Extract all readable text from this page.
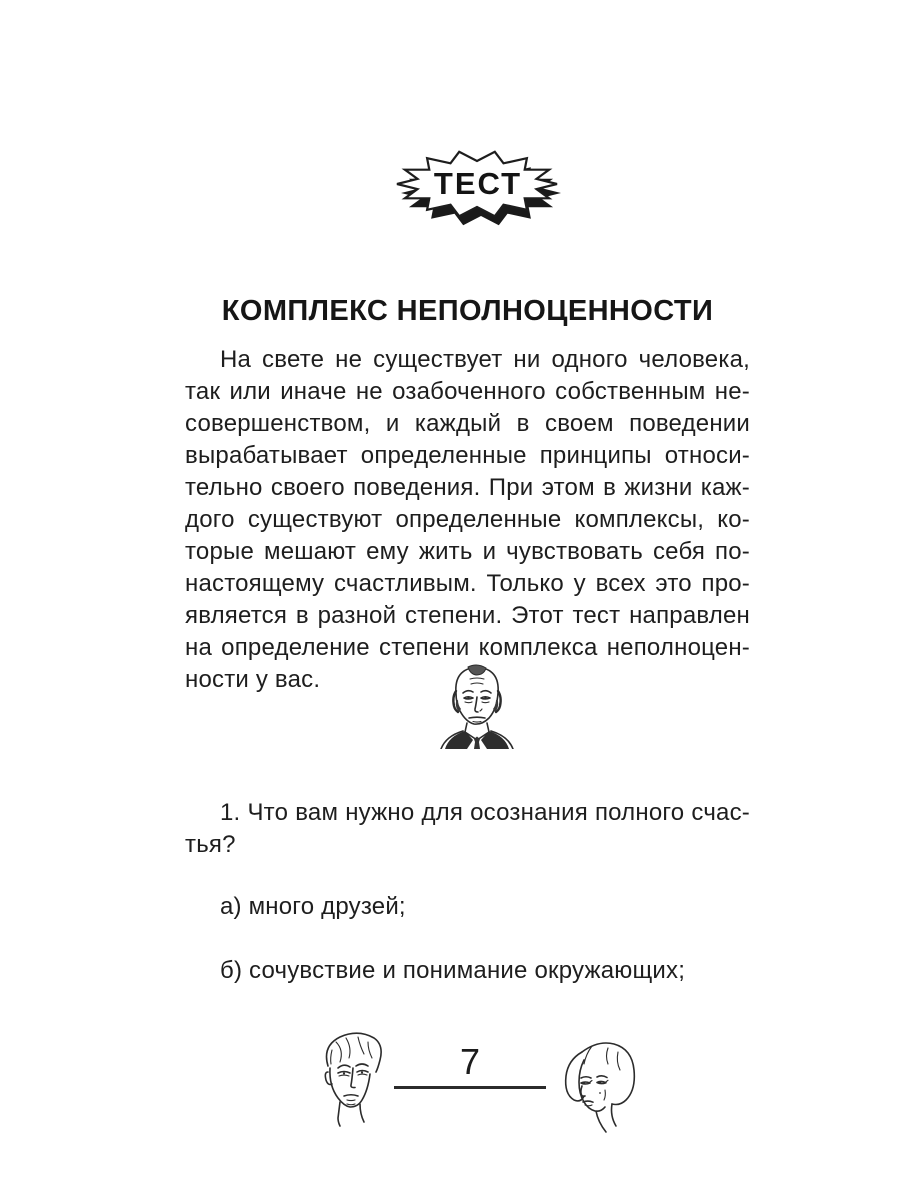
ТЕСТ
КОМПЛЕКС НЕПОЛНОЦЕННОСТИ
На свете не существует ни одного человека,
так или иначе не озабоченного собственным не-
совершенством, и каждый в своем поведении
вырабатывает определенные принципы относи-
тельно своего поведения. При этом в жизни каж-
дого существуют определенные комплексы, ко-
торые мешают ему жить и чувствовать себя по-
настоящему счастливым. Только у всех это про-
является в разной степени. Этот тест направлен
на определение степени комплекса неполноцен-
ности у вас.
1. Что вам нужно для осознания полного счас-
тья?
а) много друзей;
б) сочувствие и понимание окружающих;
7
